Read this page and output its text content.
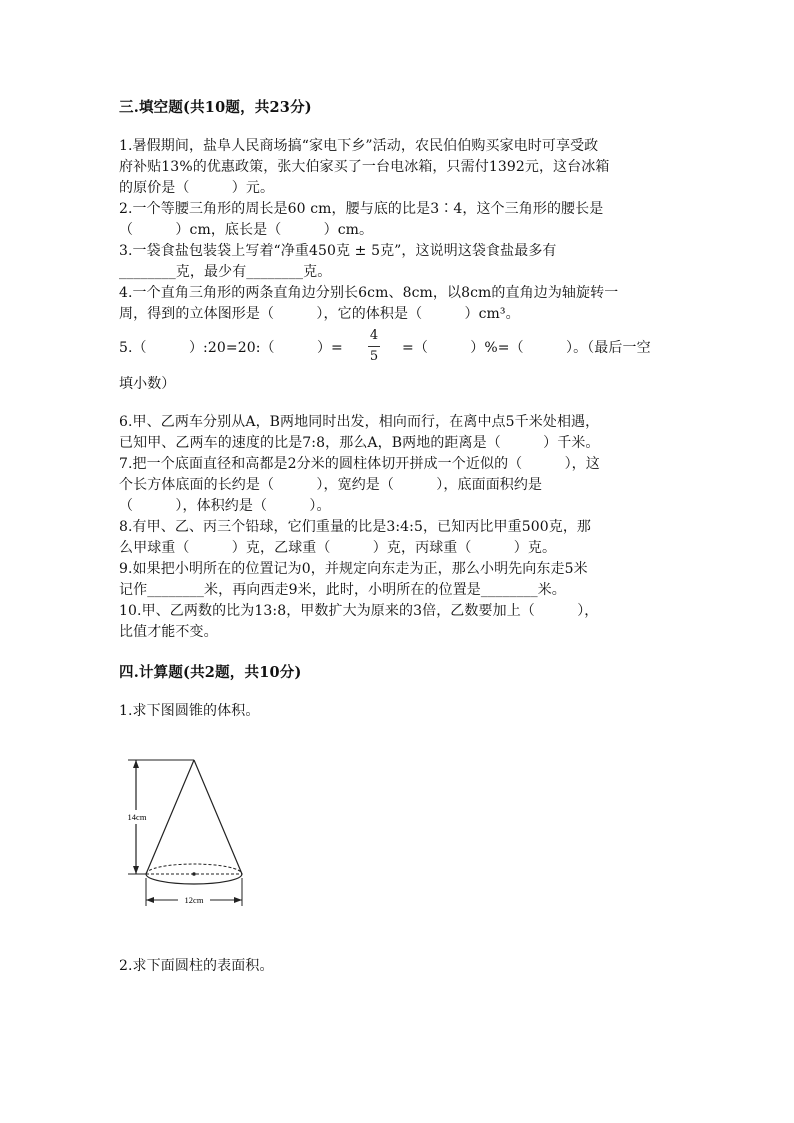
三.填空题(共10题，共23分)
1.暑假期间，盐阜人民商场搞“家电下乡”活动，农民伯伯购买家电时可享受政
府补贴13%的优惠政策，张大伯家买了一台电冰箱，只需付1392元，这台冰箱
的原价是（　　　）元。
2.一个等腰三角形的周长是60 cm，腰与底的比是3∶4，这个三角形的腰长是
（　　　）cm，底长是（　　　）cm。
3.一袋食盐包装袋上写着“净重450克 ± 5克”，这说明这袋食盐最多有
________克，最少有________克。
4.一个直角三角形的两条直角边分别长6cm、8cm，以8cm的直角边为轴旋转一
周，得到的立体图形是（　　　），它的体积是（　　　）cm³。
5.（　　　）:20=20:（　　　）=
4
5
=（　　　）%=（　　　）。（最后一空
填小数）
6.甲、乙两车分别从A，B两地同时出发，相向而行，在离中点5千米处相遇，
已知甲、乙两车的速度的比是7:8，那么A，B两地的距离是（　　　）千米。
7.把一个底面直径和高都是2分米的圆柱体切开拼成一个近似的（　　　），这
个长方体底面的长约是（　　　），宽约是（　　　），底面面积约是
（　　　），体积约是（　　　）。
8.有甲、乙、丙三个铅球，它们重量的比是3:4:5，已知丙比甲重500克，那
么甲球重（　　　）克，乙球重（　　　）克，丙球重（　　　）克。
9.如果把小明所在的位置记为0，并规定向东走为正，那么小明先向东走5米
记作________米，再向西走9米，此时，小明所在的位置是________米。
10.甲、乙两数的比为13:8，甲数扩大为原来的3倍，乙数要加上（　　　），
比值才能不变。
四.计算题(共2题，共10分)
1.求下图圆锥的体积。
14cm
12cm
2.求下面圆柱的表面积。
